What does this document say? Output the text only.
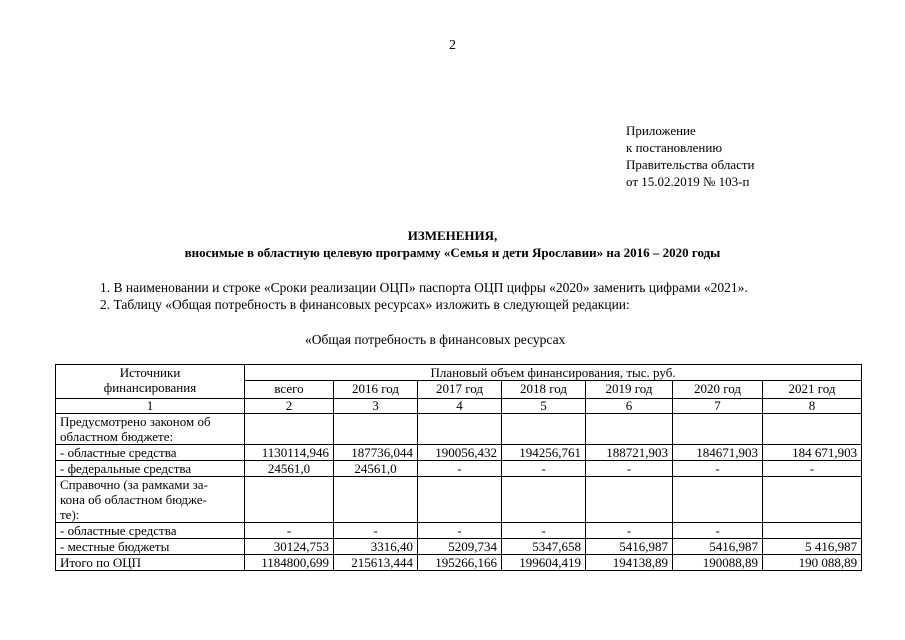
2
Приложение
к постановлению
Правительства области
от 15.02.2019 № 103-п
ИЗМЕНЕНИЯ,
вносимые в областную целевую программу «Семья и дети Ярославии» на 2016 – 2020 годы
1. В наименовании и строке «Сроки реализации ОЦП» паспорта ОЦП цифры «2020» заменить цифрами «2021».
2. Таблицу «Общая потребность в финансовых ресурсах» изложить в следующей редакции:
«Общая потребность в финансовых ресурсах
Источники
финансирования	Плановый объем финансирования, тыс. руб.						
	всего	2016 год	2017 год	2018 год	2019 год	2020 год	2021 год
1	2	3	4	5	6	7	8

Предусмотрено законом об
областном бюджете:							

- областные средства	1130114,946	187736,044	190056,432	194256,761	188721,903	184671,903	184 671,903
- федеральные средства	24561,0	24561,0	-	-	-	-	-

Справочно (за рамками за-
кона об областном бюдже-
те):							

- областные средства	-	-	-	-	-	-	
- местные бюджеты	30124,753	3316,40	5209,734	5347,658	5416,987	5416,987	5 416,987
Итого по ОЦП	1184800,699	215613,444	195266,166	199604,419	194138,89	190088,89	190 088,89
